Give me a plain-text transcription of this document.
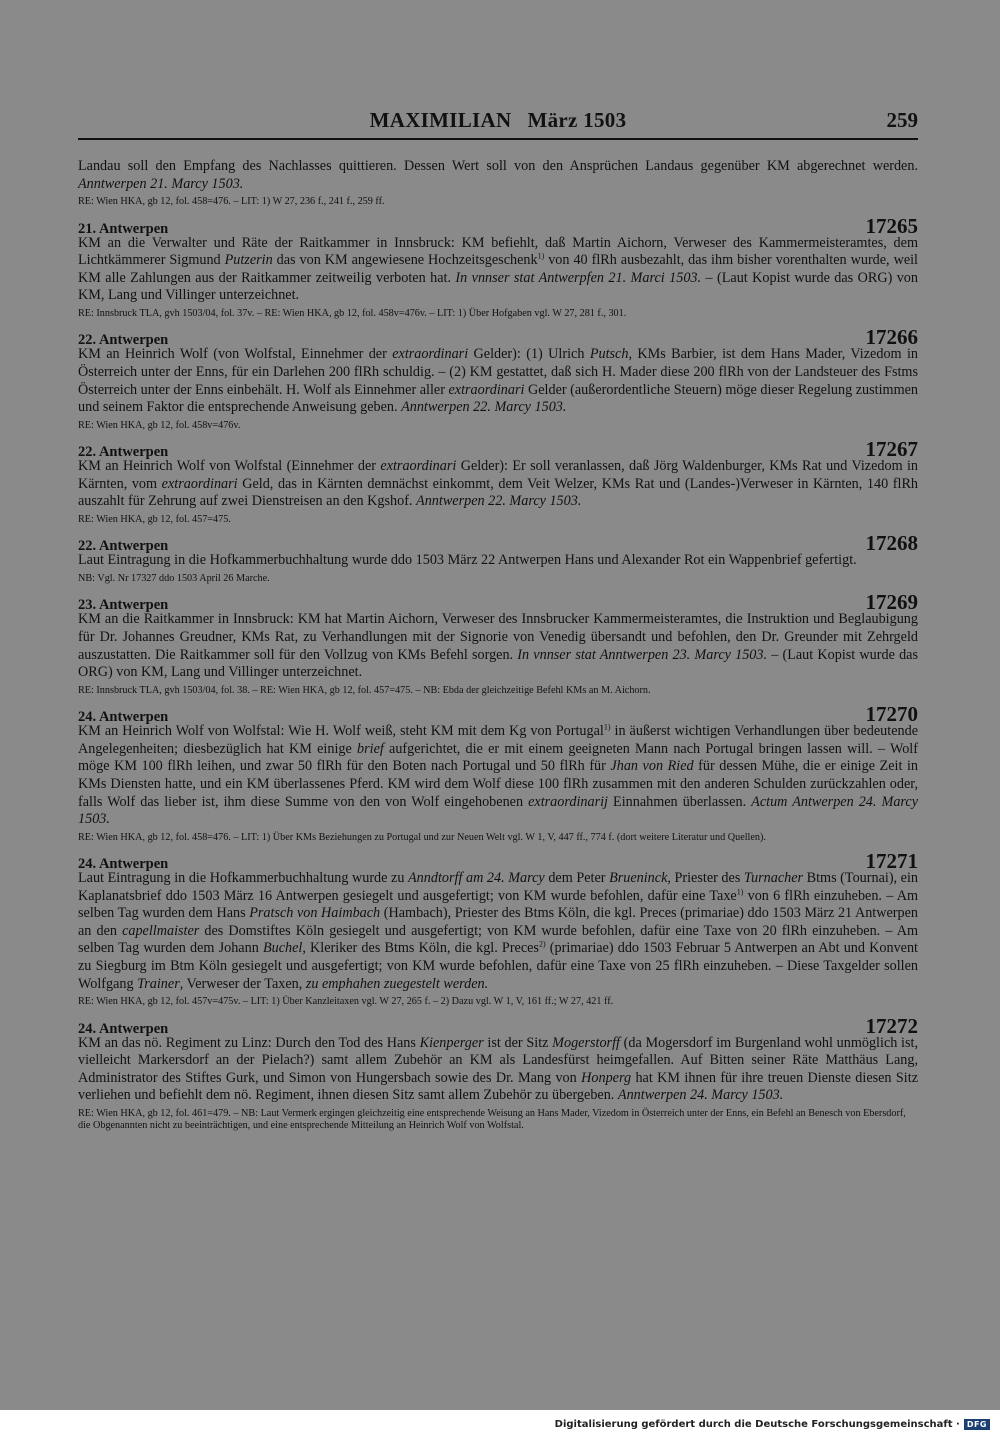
MAXIMILIAN März 1503	259

Landau soll den Empfang des Nachlasses quittieren. Dessen Wert soll von den Ansprüchen Landaus gegenüber KM abgerechnet werden. Anntwerpen 21. Marcy 1503.

RE: Wien HKA, gb 12, fol. 458=476. – LIT: 1) W 27, 236 f., 241 f., 259 ff.

21. Antwerpen	17265

KM an die Verwalter und Räte der Raitkammer in Innsbruck: KM befiehlt, daß Martin Aichorn, Verweser des Kammermeisteramtes, dem Lichtkämmerer Sigmund Putzerin das von KM angewiesene Hochzeitsgeschenk$^{1)}$ von 40 flRh ausbezahlt, das ihm bisher vorenthalten wurde, weil KM alle Zahlungen aus der Raitkammer zeitweilig verboten hat. In vnnser stat Antwerpfen 21. Marci 1503. – (Laut Kopist wurde das ORG) von KM, Lang und Villinger unterzeichnet.

RE: Innsbruck TLA, gvh 1503/04, fol. 37v. – RE: Wien HKA, gb 12, fol. 458v=476v. – LIT: 1) Über Hofgaben vgl. W 27, 281 f., 301.

22. Antwerpen	17266

KM an Heinrich Wolf (von Wolfstal, Einnehmer der extraordinari Gelder): (1) Ulrich Putsch, KMs Barbier, ist dem Hans Mader, Vizedom in Österreich unter der Enns, für ein Darlehen 200 flRh schuldig. – (2) KM gestattet, daß sich H. Mader diese 200 flRh von der Landsteuer des Fstms Österreich unter der Enns einbehält. H. Wolf als Einnehmer aller extraordinari Gelder (außerordentliche Steuern) möge dieser Regelung zustimmen und seinem Faktor die entsprechende Anweisung geben. Anntwerpen 22. Marcy 1503.

RE: Wien HKA, gb 12, fol. 458v=476v.

22. Antwerpen	17267

KM an Heinrich Wolf von Wolfstal (Einnehmer der extraordinari Gelder): Er soll veranlassen, daß Jörg Waldenburger, KMs Rat und Vizedom in Kärnten, vom extraordinari Geld, das in Kärnten demnächst einkommt, dem Veit Welzer, KMs Rat und (Landes-)Verweser in Kärnten, 140 flRh auszahlt für Zehrung auf zwei Dienstreisen an den Kgshof. Anntwerpen 22. Marcy 1503.

RE: Wien HKA, gb 12, fol. 457=475.

22. Antwerpen	17268

Laut Eintragung in die Hofkammerbuchhaltung wurde ddo 1503 März 22 Antwerpen Hans und Alexander Rot ein Wappenbrief gefertigt.

NB: Vgl. Nr 17327 ddo 1503 April 26 Marche.

23. Antwerpen	17269

KM an die Raitkammer in Innsbruck: KM hat Martin Aichorn, Verweser des Innsbrucker Kammermeisteramtes, die Instruktion und Beglaubigung für Dr. Johannes Greudner, KMs Rat, zu Verhandlungen mit der Signorie von Venedig übersandt und befohlen, den Dr. Greunder mit Zehrgeld auszustatten. Die Raitkammer soll für den Vollzug von KMs Befehl sorgen. In vnnser stat Anntwerpen 23. Marcy 1503. – (Laut Kopist wurde das ORG) von KM, Lang und Villinger unterzeichnet.

RE: Innsbruck TLA, gvh 1503/04, fol. 38. – RE: Wien HKA, gb 12, fol. 457=475. – NB: Ebda der gleichzeitige Befehl KMs an M. Aichorn.

24. Antwerpen	17270

KM an Heinrich Wolf von Wolfstal: Wie H. Wolf weiß, steht KM mit dem Kg von Portugal$^{1)}$ in äußerst wichtigen Verhandlungen über bedeutende Angelegenheiten; diesbezüglich hat KM einige brief aufgerichtet, die er mit einem geeigneten Mann nach Portugal bringen lassen will. – Wolf möge KM 100 flRh leihen, und zwar 50 flRh für den Boten nach Portugal und 50 flRh für Jhan von Ried für dessen Mühe, die er einige Zeit in KMs Diensten hatte, und ein KM überlassenes Pferd. KM wird dem Wolf diese 100 flRh zusammen mit den anderen Schulden zurückzahlen oder, falls Wolf das lieber ist, ihm diese Summe von den von Wolf eingehobenen extraordinarij Einnahmen überlassen. Actum Antwerpen 24. Marcy 1503.

RE: Wien HKA, gb 12, fol. 458=476. – LIT: 1) Über KMs Beziehungen zu Portugal und zur Neuen Welt vgl. W 1, V, 447 ff., 774 f. (dort weitere Literatur und Quellen).

24. Antwerpen	17271

Laut Eintragung in die Hofkammerbuchhaltung wurde zu Anndtorff am 24. Marcy dem Peter Brueninck, Priester des Turnacher Btms (Tournai), ein Kaplanatsbrief ddo 1503 März 16 Antwerpen gesiegelt und ausgefertigt; von KM wurde befohlen, dafür eine Taxe$^{1)}$ von 6 flRh einzuheben. – Am selben Tag wurden dem Hans Pratsch von Haimbach (Hambach), Priester des Btms Köln, die kgl. Preces (primariae) ddo 1503 März 21 Antwerpen an den capellmaister des Domstiftes Köln gesiegelt und ausgefertigt; von KM wurde befohlen, dafür eine Taxe von 20 flRh einzuheben. – Am selben Tag wurden dem Johann Buchel, Kleriker des Btms Köln, die kgl. Preces$^{2)}$ (primariae) ddo 1503 Februar 5 Antwerpen an Abt und Konvent zu Siegburg im Btm Köln gesiegelt und ausgefertigt; von KM wurde befohlen, dafür eine Taxe von 25 flRh einzuheben. – Diese Taxgelder sollen Wolfgang Trainer, Verweser der Taxen, zu emphahen zuegestelt werden.

RE: Wien HKA, gb 12, fol. 457v=475v. – LIT: 1) Über Kanzleitaxen vgl. W 27, 265 f. – 2) Dazu vgl. W 1, V, 161 ff.; W 27, 421 ff.

24. Antwerpen	17272

KM an das nö. Regiment zu Linz: Durch den Tod des Hans Kienperger ist der Sitz Mogerstorff (da Mogersdorf im Burgenland wohl unmöglich ist, vielleicht Markersdorf an der Pielach?) samt allem Zubehör an KM als Landesfürst heimgefallen. Auf Bitten seiner Räte Matthäus Lang, Administrator des Stiftes Gurk, und Simon von Hungersbach sowie des Dr. Mang von Honperg hat KM ihnen für ihre treuen Dienste diesen Sitz verliehen und befiehlt dem nö. Regiment, ihnen diesen Sitz samt allem Zubehör zu übergeben. Anntwerpen 24. Marcy 1503.

RE: Wien HKA, gb 12, fol. 461=479. – NB: Laut Vermerk ergingen gleichzeitig eine entsprechende Weisung an Hans Mader, Vizedom in Österreich unter der Enns, ein Befehl an Benesch von Ebersdorf, die Obgenannten nicht zu beeinträchtigen, und eine entsprechende Mitteilung an Heinrich Wolf von Wolfstal.

Digitalisierung gefördert durch die Deutsche Forschungsgemeinschaft · DFG
